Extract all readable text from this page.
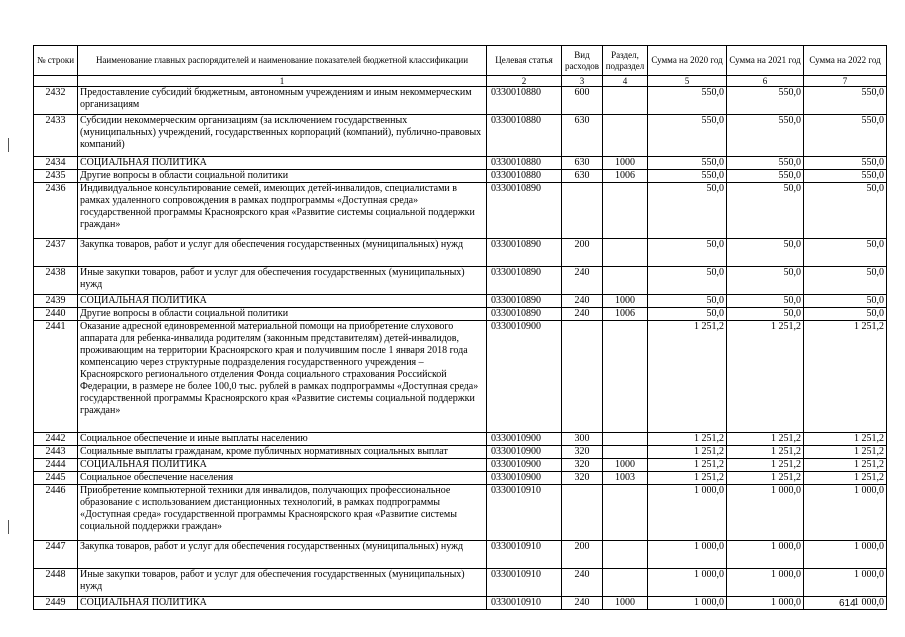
№ строки	Наименование главных распорядителей и наименование показателей бюджетной классификации	Целевая статья	Вид расходов	Раздел, подраздел	Сумма на 2020 год	Сумма на 2021 год	Сумма на 2022 год
	1	2	3	4	5	6	7
2432	Предоставление субсидий бюджетным, автономным учреждениям и иным некоммерческим организациям	0330010880	600		550,0	550,0	550,0
2433	Субсидии некоммерческим организациям (за исключением государственных (муниципальных) учреждений, государственных корпораций (компаний), публично-правовых компаний)	0330010880	630		550,0	550,0	550,0
2434	СОЦИАЛЬНАЯ ПОЛИТИКА	0330010880	630	1000	550,0	550,0	550,0
2435	Другие вопросы в области социальной политики	0330010880	630	1006	550,0	550,0	550,0
2436	Индивидуальное консультирование семей, имеющих детей-инвалидов, специалистами в рамках удаленного сопровождения в рамках подпрограммы «Доступная среда» государственной программы Красноярского края «Развитие системы социальной поддержки граждан»	0330010890			50,0	50,0	50,0
2437	Закупка товаров, работ и услуг для обеспечения государственных (муниципальных) нужд	0330010890	200		50,0	50,0	50,0
2438	Иные закупки товаров, работ и услуг для обеспечения государственных (муниципальных) нужд	0330010890	240		50,0	50,0	50,0
2439	СОЦИАЛЬНАЯ ПОЛИТИКА	0330010890	240	1000	50,0	50,0	50,0
2440	Другие вопросы в области социальной политики	0330010890	240	1006	50,0	50,0	50,0
2441	Оказание адресной единовременной материальной помощи на приобретение слухового аппарата для ребенка-инвалида родителям (законным представителям) детей-инвалидов, проживающим на территории Красноярского края и получившим после 1 января 2018 года компенсацию через структурные подразделения государственного учреждения – Красноярского регионального отделения Фонда социального страхования Российской Федерации, в размере не более 100,0 тыс. рублей в рамках подпрограммы «Доступная среда» государственной программы Красноярского края «Развитие системы социальной поддержки граждан»	0330010900			1 251,2	1 251,2	1 251,2
2442	Социальное обеспечение и иные выплаты населению	0330010900	300		1 251,2	1 251,2	1 251,2
2443	Социальные выплаты гражданам, кроме публичных нормативных социальных выплат	0330010900	320		1 251,2	1 251,2	1 251,2
2444	СОЦИАЛЬНАЯ ПОЛИТИКА	0330010900	320	1000	1 251,2	1 251,2	1 251,2
2445	Социальное обеспечение населения	0330010900	320	1003	1 251,2	1 251,2	1 251,2
2446	Приобретение компьютерной техники для инвалидов, получающих профессиональное образование с использованием дистанционных технологий, в рамках подпрограммы «Доступная среда» государственной программы Красноярского края «Развитие системы социальной поддержки граждан»	0330010910			1 000,0	1 000,0	1 000,0
2447	Закупка товаров, работ и услуг для обеспечения государственных (муниципальных) нужд	0330010910	200		1 000,0	1 000,0	1 000,0
2448	Иные закупки товаров, работ и услуг для обеспечения государственных (муниципальных) нужд	0330010910	240		1 000,0	1 000,0	1 000,0
2449	СОЦИАЛЬНАЯ ПОЛИТИКА	0330010910	240	1000	1 000,0	1 000,0	1 000,0
614
